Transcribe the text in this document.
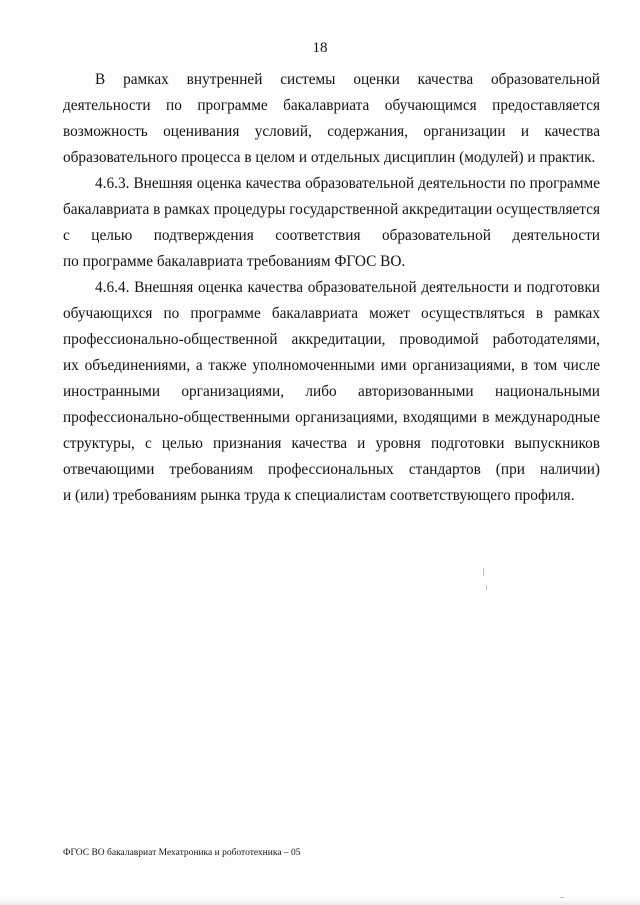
18
В рамках внутренней системы оценки качества образовательной
деятельности по программе бакалавриата обучающимся предоставляется
возможность оценивания условий, содержания, организации и качества
образовательного процесса в целом и отдельных дисциплин (модулей) и практик.
4.6.3. Внешняя оценка качества образовательной деятельности по программе
бакалавриата в рамках процедуры государственной аккредитации осуществляется
с целью подтверждения соответствия образовательной деятельности
по программе бакалавриата требованиям ФГОС ВО.
4.6.4. Внешняя оценка качества образовательной деятельности и подготовки
обучающихся по программе бакалавриата может осуществляться в рамках
профессионально-общественной аккредитации, проводимой работодателями,
их объединениями, а также уполномоченными ими организациями, в том числе
иностранными организациями, либо авторизованными национальными
профессионально-общественными организациями, входящими в международные
структуры, с целью признания качества и уровня подготовки выпускников
отвечающими требованиям профессиональных стандартов (при наличии)
и (или) требованиям рынка труда к специалистам соответствующего профиля.
ФГОС ВО бакалавриат Мехатроника и робототехника – 05
